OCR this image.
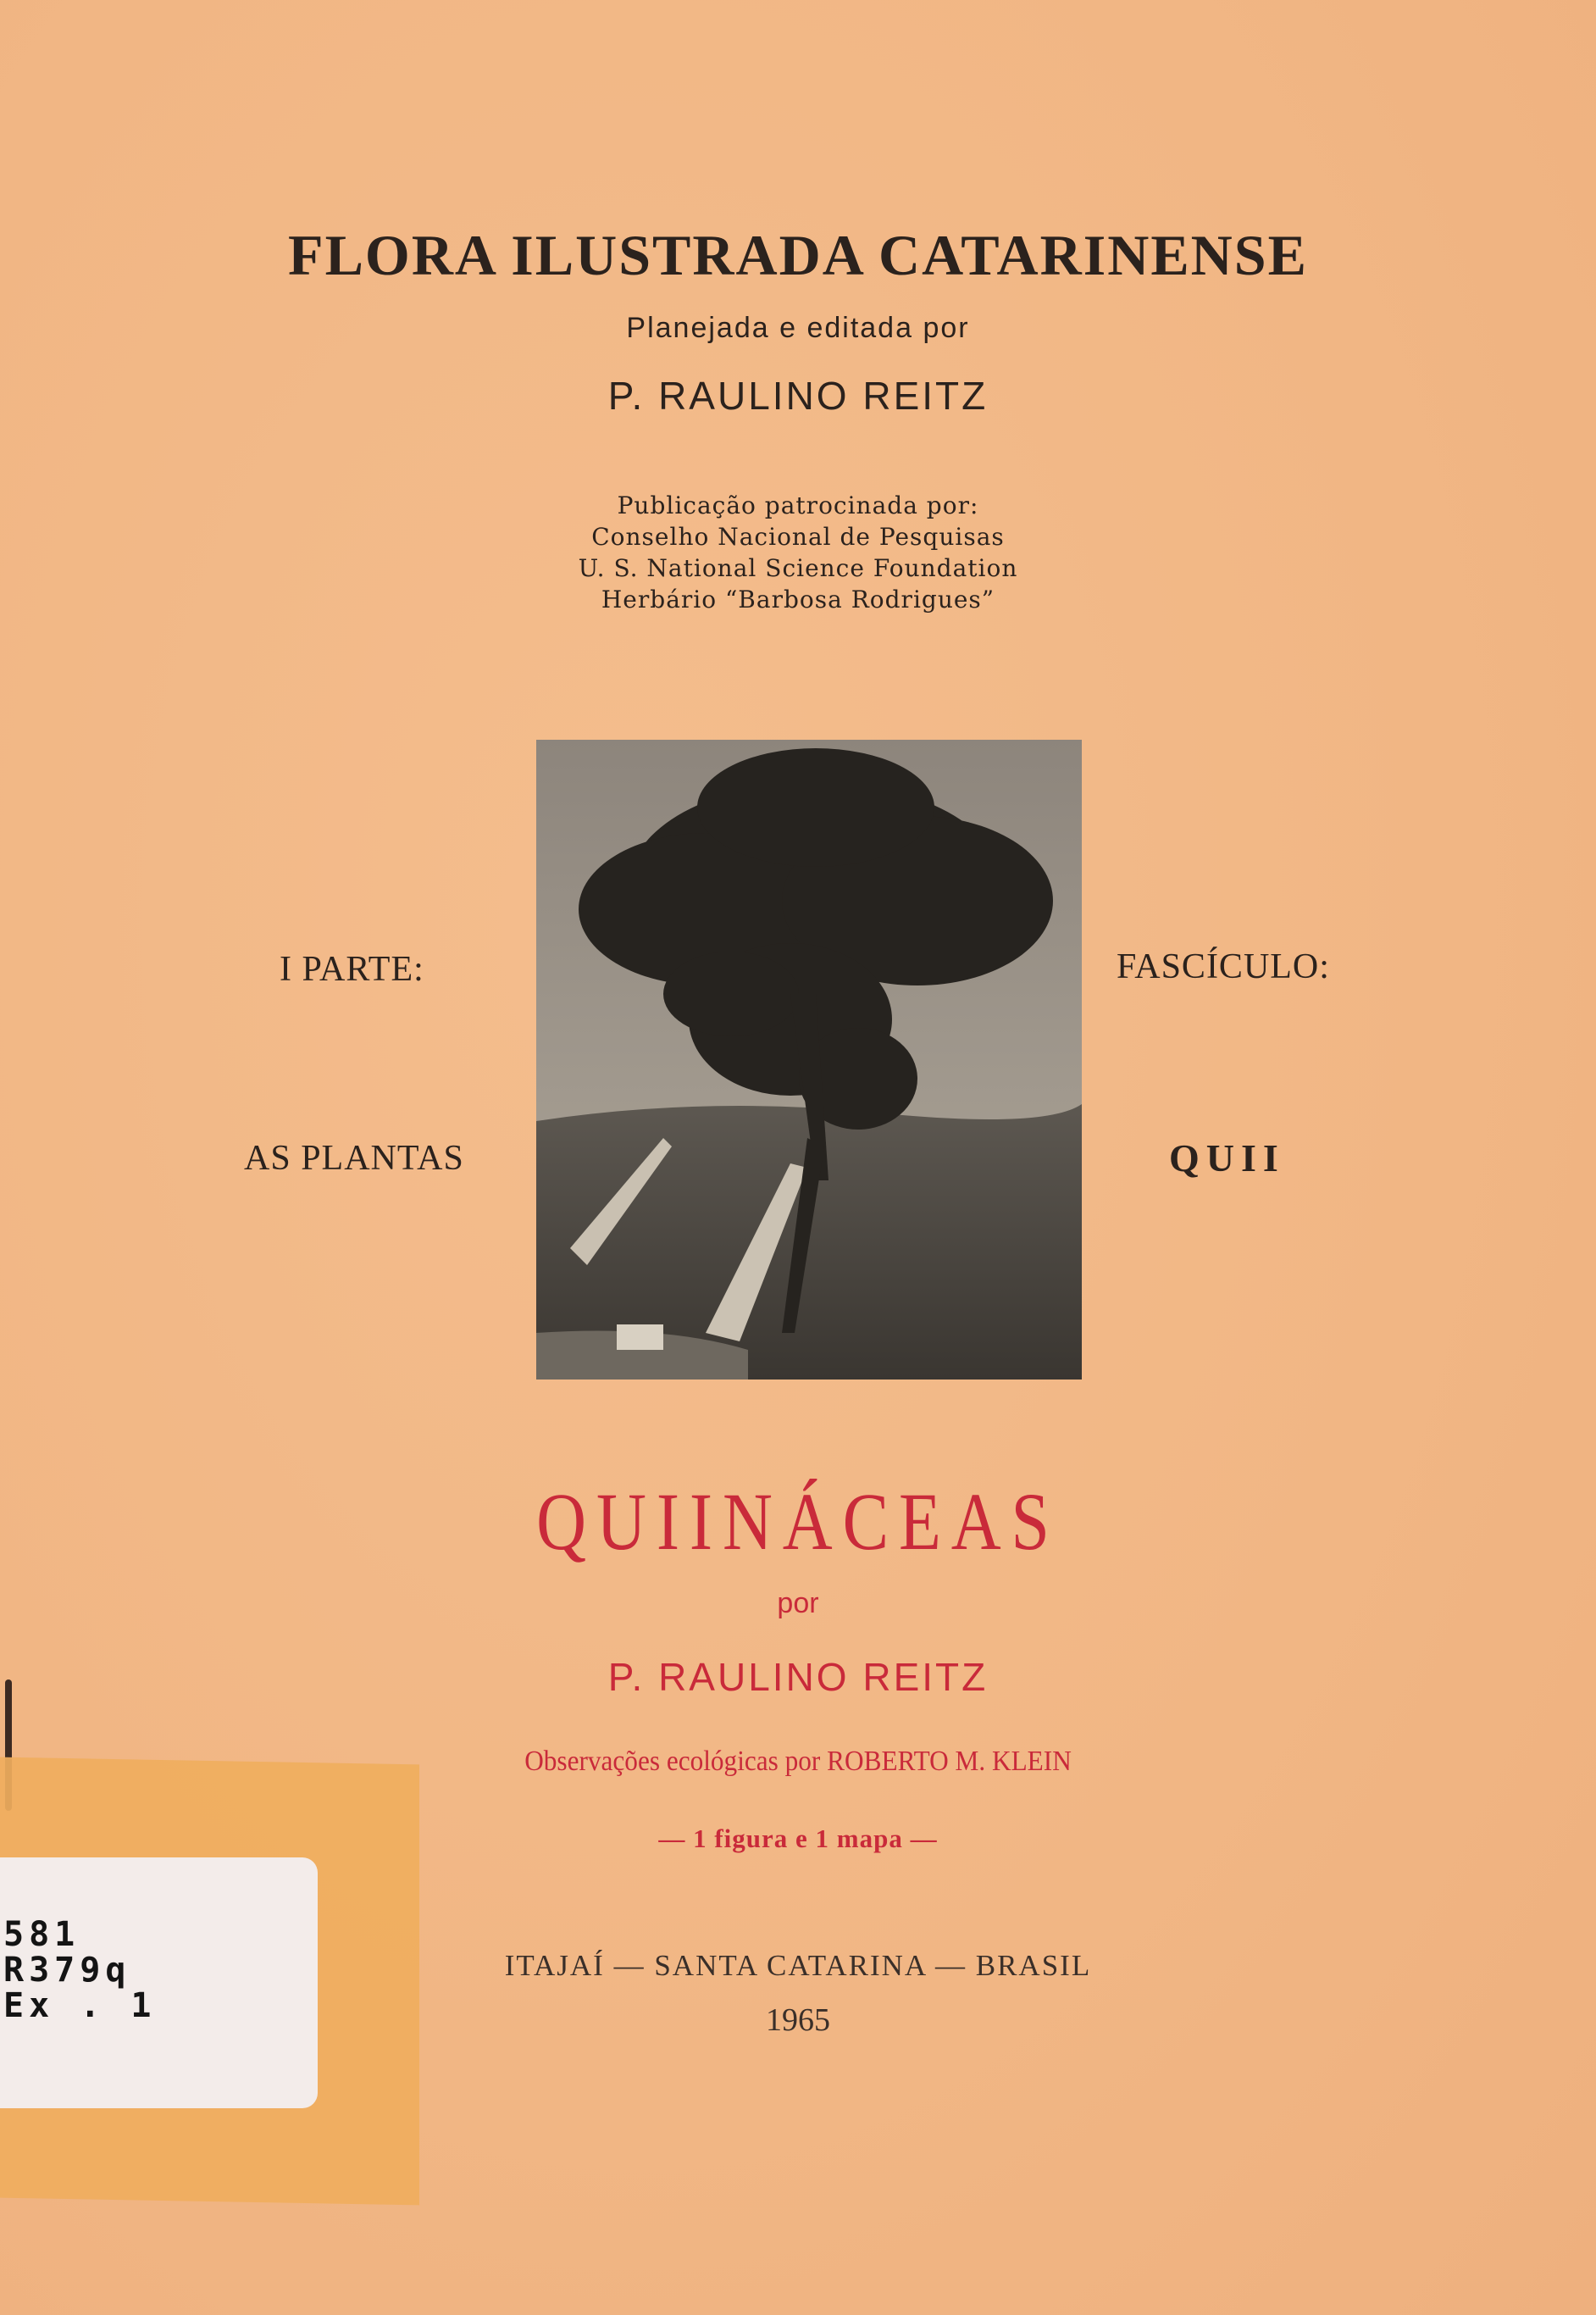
FLORA ILUSTRADA CATARINENSE
Planejada e editada por
P. RAULINO REITZ
Publicação patrocinada por:
Conselho Nacional de Pesquisas
U. S. National Science Foundation
Herbário “Barbosa Rodrigues”
I PARTE:
AS PLANTAS
FASCÍCULO:
QUII
QUIINÁCEAS
por
P. RAULINO REITZ
Observações ecológicas por ROBERTO M. KLEIN
— 1 figura e 1 mapa —
ITAJAÍ — SANTA CATARINA — BRASIL
1965
581
R379q
Ex . 1
